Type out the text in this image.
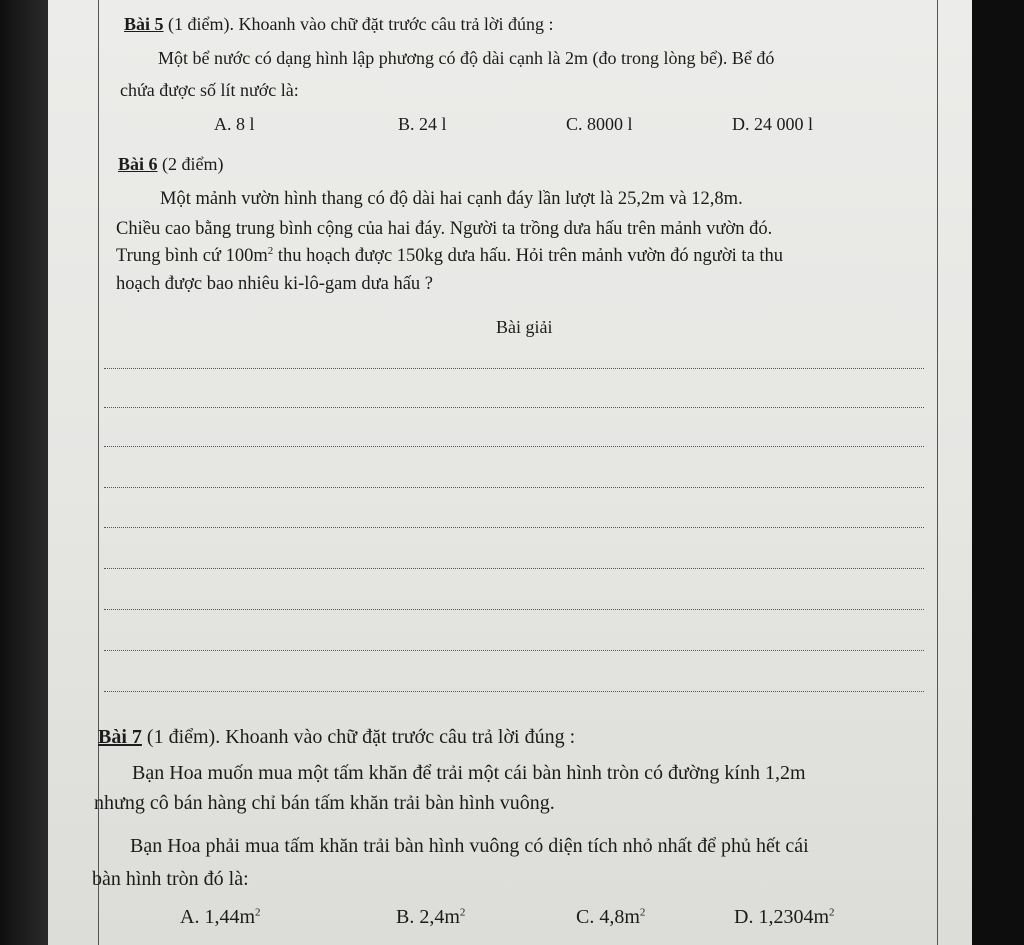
Bài 5 (1 điểm). Khoanh vào chữ đặt trước câu trả lời đúng :
Một bể nước có dạng hình lập phương có độ dài cạnh là 2m (đo trong lòng bể). Bể đó
chứa được số lít nước là:
A. 8 l	B. 24 l	C. 8000 l	D. 24 000 l
Bài 6 (2 điểm)
Một mảnh vườn hình thang có độ dài hai cạnh đáy lần lượt là 25,2m và 12,8m.
Chiều cao bằng trung bình cộng của hai đáy. Người ta trồng dưa hấu trên mảnh vườn đó.
Trung bình cứ $100m^2$ thu hoạch được 150kg dưa hấu. Hỏi trên mảnh vườn đó người ta thu
hoạch được bao nhiêu ki-lô-gam dưa hấu ?
Bài giải
Bài 7 (1 điểm). Khoanh vào chữ đặt trước câu trả lời đúng :
Bạn Hoa muốn mua một tấm khăn để trải một cái bàn hình tròn có đường kính 1,2m
nhưng cô bán hàng chỉ bán tấm khăn trải bàn hình vuông.
Bạn Hoa phải mua tấm khăn trải bàn hình vuông có diện tích nhỏ nhất để phủ hết cái
bàn hình tròn đó là:
A. $1,44m^2$	B. $2,4m^2$	C. $4,8m^2$	D. $1,2304m^2$
